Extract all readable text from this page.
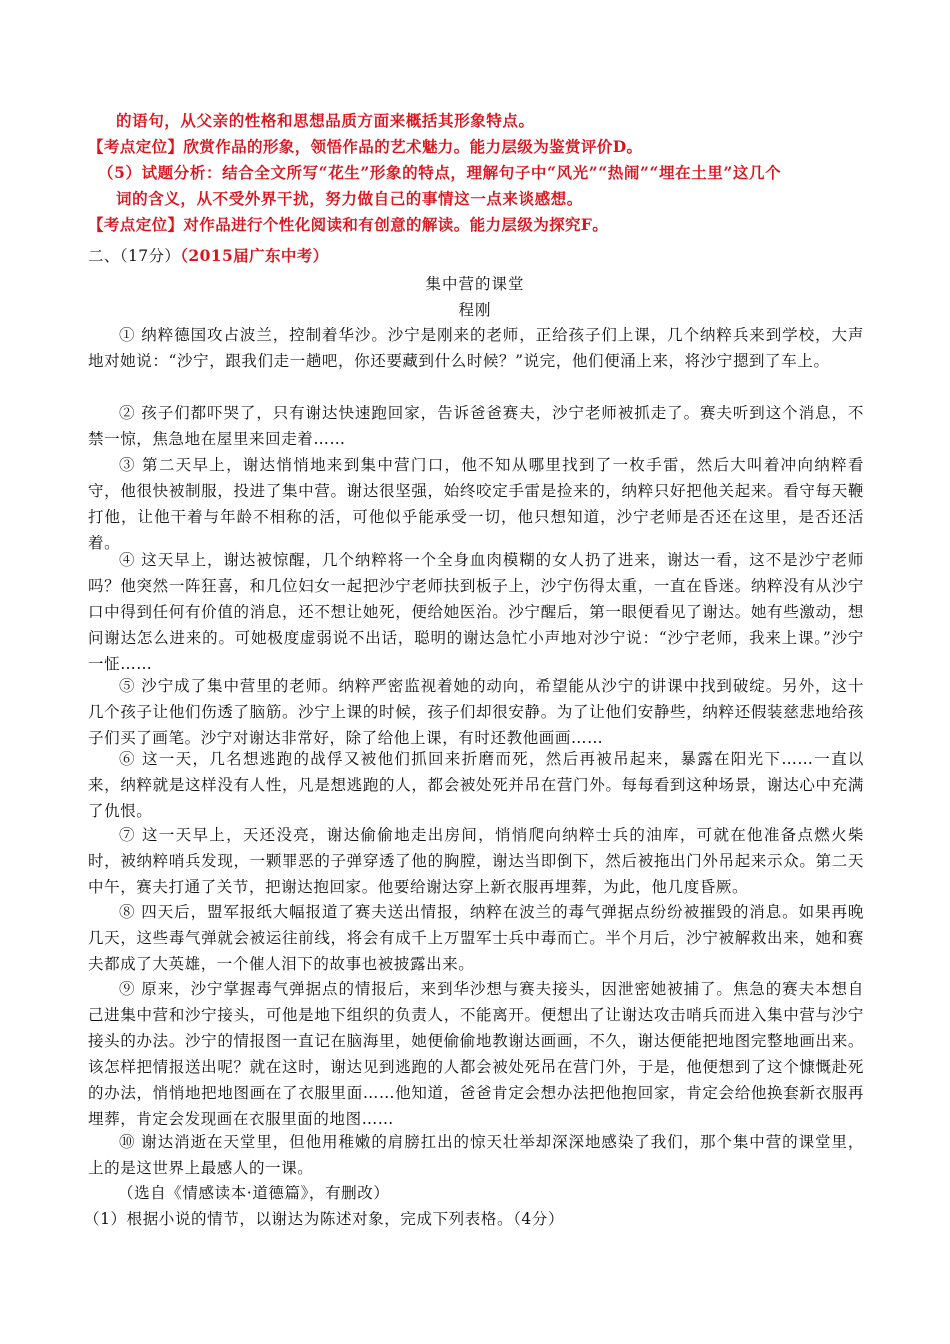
的语句，从父亲的性格和思想品质方面来概括其形象特点。
【考点定位】欣赏作品的形象，领悟作品的艺术魅力。能力层级为鉴赏评价D。
（5）试题分析：结合全文所写“花生”形象的特点，理解句子中“风光”“热闹”“埋在土里”这几个
词的含义，从不受外界干扰，努力做自己的事情这一点来谈感想。
【考点定位】对作品进行个性化阅读和有创意的解读。能力层级为探究F。
二、（17分）（2015届广东中考）
集中营的课堂
程刚
① 纳粹德国攻占波兰，控制着华沙。沙宁是刚来的老师，正给孩子们上课，几个纳粹兵来到学校，大声地对她说：“沙宁，跟我们走一趟吧，你还要藏到什么时候？”说完，他们便涌上来，将沙宁摁到了车上。
② 孩子们都吓哭了，只有谢达快速跑回家，告诉爸爸赛夫，沙宁老师被抓走了。赛夫听到这个消息，不禁一惊，焦急地在屋里来回走着……
③ 第二天早上，谢达悄悄地来到集中营门口，他不知从哪里找到了一枚手雷，然后大叫着冲向纳粹看守，他很快被制服，投进了集中营。谢达很坚强，始终咬定手雷是捡来的，纳粹只好把他关起来。看守每天鞭打他，让他干着与年龄不相称的活，可他似乎能承受一切，他只想知道，沙宁老师是否还在这里，是否还活着。
④ 这天早上，谢达被惊醒，几个纳粹将一个全身血肉模糊的女人扔了进来，谢达一看，这不是沙宁老师吗？他突然一阵狂喜，和几位妇女一起把沙宁老师扶到板子上，沙宁伤得太重，一直在昏迷。纳粹没有从沙宁口中得到任何有价值的消息，还不想让她死，便给她医治。沙宁醒后，第一眼便看见了谢达。她有些激动，想问谢达怎么进来的。可她极度虚弱说不出话，聪明的谢达急忙小声地对沙宁说：“沙宁老师，我来上课。”沙宁一怔……
⑤ 沙宁成了集中营里的老师。纳粹严密监视着她的动向，希望能从沙宁的讲课中找到破绽。另外，这十几个孩子让他们伤透了脑筋。沙宁上课的时候，孩子们却很安静。为了让他们安静些，纳粹还假装慈悲地给孩子们买了画笔。沙宁对谢达非常好，除了给他上课，有时还教他画画……
⑥ 这一天，几名想逃跑的战俘又被他们抓回来折磨而死，然后再被吊起来，暴露在阳光下……一直以来，纳粹就是这样没有人性，凡是想逃跑的人，都会被处死并吊在营门外。每每看到这种场景，谢达心中充满了仇恨。
⑦ 这一天早上，天还没亮，谢达偷偷地走出房间，悄悄爬向纳粹士兵的油库，可就在他准备点燃火柴时，被纳粹哨兵发现，一颗罪恶的子弹穿透了他的胸膛，谢达当即倒下，然后被拖出门外吊起来示众。第二天中午，赛夫打通了关节，把谢达抱回家。他要给谢达穿上新衣服再埋葬，为此，他几度昏厥。
⑧ 四天后，盟军报纸大幅报道了赛夫送出情报，纳粹在波兰的毒气弹据点纷纷被摧毁的消息。如果再晚几天，这些毒气弹就会被运往前线，将会有成千上万盟军士兵中毒而亡。半个月后，沙宁被解救出来，她和赛夫都成了大英雄，一个催人泪下的故事也被披露出来。
⑨ 原来，沙宁掌握毒气弹据点的情报后，来到华沙想与赛夫接头，因泄密她被捕了。焦急的赛夫本想自己进集中营和沙宁接头，可他是地下组织的负责人，不能离开。便想出了让谢达攻击哨兵而进入集中营与沙宁接头的办法。沙宁的情报图一直记在脑海里，她便偷偷地教谢达画画，不久，谢达便能把地图完整地画出来。该怎样把情报送出呢？就在这时，谢达见到逃跑的人都会被处死吊在营门外，于是，他便想到了这个慷慨赴死的办法，悄悄地把地图画在了衣服里面……他知道，爸爸肯定会想办法把他抱回家，肯定会给他换套新衣服再埋葬，肯定会发现画在衣服里面的地图……
⑩ 谢达消逝在天堂里，但他用稚嫩的肩膀扛出的惊天壮举却深深地感染了我们，那个集中营的课堂里，上的是这世界上最感人的一课。
（选自《情感读本·道德篇》，有删改）
（1）根据小说的情节，以谢达为陈述对象，完成下列表格。（4分）
